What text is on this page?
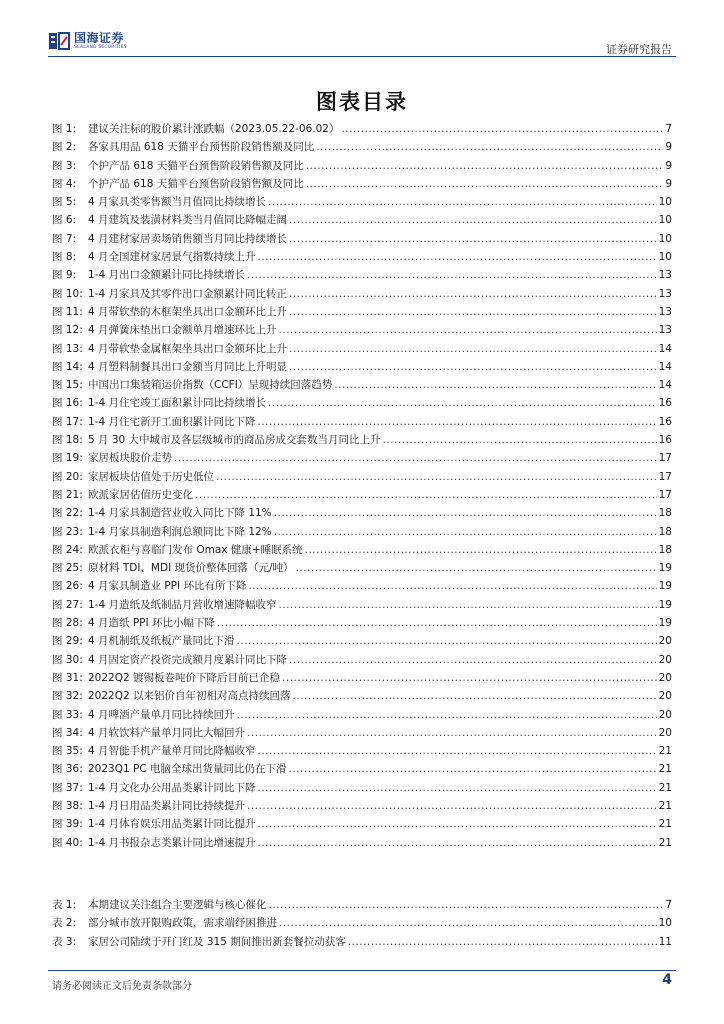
国海证券
SEALAND SECURITIES	证券研究报告
图表目录
图 1:	建议关注标的股价累计涨跌幅（2023.05.22-06.02） .....	7
图 2:	各家具用品 618 天猫平台预售阶段销售额及同比 .....	9
图 3:	个护产品 618 天猫平台预售阶段销售额及同比 .....	9
图 4:	个护产品 618 天猫平台预售阶段销售额及同比 .....	9
图 5:	4 月家具类零售额当月值同比持续增长 .....	10
图 6:	4 月建筑及装潢材料类当月值同比降幅走阔 .....	10
图 7:	4 月建材家居卖场销售额当月同比持续增长 .....	10
图 8:	4 月全国建材家居景气指数持续上升 .....	10
图 9:	1-4 月出口金额累计同比持续增长 .....	13
图 10: 1-4 月家具及其零件出口金额累计同比转正 .....	13
图 11: 4 月带软垫的木框架坐具出口金额环比上升 .....	13
图 12: 4 月弹簧床垫出口金额单月增速环比上升 .....	13
图 13: 4 月带软垫金属框架坐具出口金额环比上升 .....	14
图 14: 4 月塑料制餐具出口金额当月同比上升明显 .....	14
图 15: 中国出口集装箱运价指数（CCFI）呈现持续回落趋势 .....	14
图 16: 1-4 月住宅竣工面积累计同比持续增长 .....	16
图 17: 1-4 月住宅新开工面积累计同比下降 .....	16
图 18: 5 月 30 大中城市及各层级城市的商品房成交套数当月同比上升 .....	16
图 19: 家居板块股价走势 .....	17
图 20: 家居板块估值处于历史低位 .....	17
图 21: 欧派家居估值历史变化 .....	17
图 22: 1-4 月家具制造营业收入同比下降 11% .....	18
图 23: 1-4 月家具制造利润总额同比下降 12% .....	18
图 24: 欧派衣柜与喜临门发布 Omax 健康+睡眠系统 .....	18
图 25: 原材料 TDI、MDI 现货价整体回落（元/吨） .....	19
图 26: 4 月家具制造业 PPI 环比有所下降 .....	19
图 27: 1-4 月造纸及纸制品月营收增速降幅收窄 .....	19
图 28: 4 月造纸 PPI 环比小幅下降 .....	19
图 29: 4 月机制纸及纸板产量同比下滑 .....	20
图 30: 4 月固定资产投资完成额月度累计同比下降 .....	20
图 31: 2022Q2 镀锡板卷吨价下降后目前已企稳 .....	20
图 32: 2022Q2 以来铝价自年初相对高点持续回落 .....	20
图 33: 4 月啤酒产量单月同比持续回升 .....	20
图 34: 4 月软饮料产量单月同比大幅回升 .....	20
图 35: 4 月智能手机产量单月同比降幅收窄 .....	21
图 36: 2023Q1 PC 电脑全球出货量同比仍在下滑 .....	21
图 37: 1-4 月文化办公用品类累计同比下降 .....	21
图 38: 1-4 月日用品类累计同比持续提升 .....	21
图 39: 1-4 月体育娱乐用品类累计同比提升 .....	21
图 40: 1-4 月书报杂志类累计同比增速提升 .....	21
表 1:	本期建议关注组合主要逻辑与核心催化 .....	7
表 2:	部分城市放开限购政策，需求端纾困推进 .....	10
表 3:	家居公司陆续于开门红及 315 期间推出新套餐拉动获客 .....	11
请务必阅读正文后免责条款部分	4
